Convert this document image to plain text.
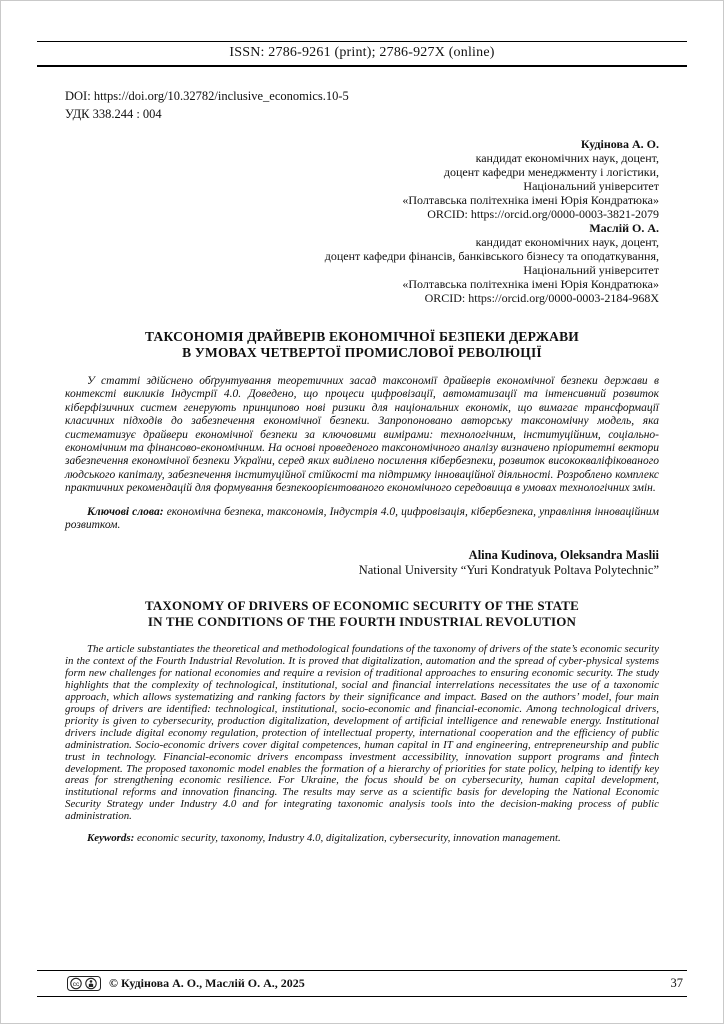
ISSN: 2786-9261 (print); 2786-927X (online)
DOI: https://doi.org/10.32782/inclusive_economics.10-5
УДК 338.244 : 004
Кудінова А. О.
кандидат економічних наук, доцент,
доцент кафедри менеджменту і логістики,
Національний університет
«Полтавська політехніка імені Юрія Кондратюка»
ORCID: https://orcid.org/0000-0003-3821-2079
Маслій О. А.
кандидат економічних наук, доцент,
доцент кафедри фінансів, банківського бізнесу та оподаткування,
Національний університет
«Полтавська політехніка імені Юрія Кондратюка»
ORCID: https://orcid.org/0000-0003-2184-968X
ТАКСОНОМІЯ ДРАЙВЕРІВ ЕКОНОМІЧНОЇ БЕЗПЕКИ ДЕРЖАВИ
В УМОВАХ ЧЕТВЕРТОЇ ПРОМИСЛОВОЇ РЕВОЛЮЦІЇ

У статті здійснено обґрунтування теоретичних засад таксономії драйверів економічної безпеки держави в контексті викликів Індустрії 4.0. Доведено, що процеси цифровізації, автоматизації та інтенсивний розвиток кіберфізичних систем генерують принципово нові ризики для національних економік, що вимагає трансформації класичних підходів до забезпечення економічної безпеки. Запропоновано авторську таксономічну модель, яка систематизує драйвери економічної безпеки за ключовими вимірами: технологічним, інституційним, соціально-економічним та фінансово-економічним. На основі проведеного таксономічного аналізу визначено пріоритетні вектори забезпечення економічної безпеки України, серед яких виділено посилення кібербезпеки, розвиток висококваліфікованого людського капіталу, забезпечення інституційної стійкості та підтримку інноваційної діяльності. Розроблено комплекс практичних рекомендацій для формування безпекоорієнтованого економічного середовища в умовах технологічних змін.

Ключові слова: економічна безпека, таксономія, Індустрія 4.0, цифровізація, кібербезпека, управління інноваційним розвитком.

Alina Kudinova, Oleksandra Maslii
National University “Yuri Kondratyuk Poltava Polytechnic”
TAXONOMY OF DRIVERS OF ECONOMIC SECURITY OF THE STATE
IN THE CONDITIONS OF THE FOURTH INDUSTRIAL REVOLUTION

The article substantiates the theoretical and methodological foundations of the taxonomy of drivers of the state’s economic security in the context of the Fourth Industrial Revolution. It is proved that digitalization, automation and the spread of cyber-physical systems form new challenges for national economies and require a revision of traditional approaches to ensuring economic security. The study highlights that the complexity of technological, institutional, social and financial interrelations necessitates the use of a taxonomic approach, which allows systematizing and ranking factors by their significance and impact. Based on the authors’ model, four main groups of drivers are identified: technological, institutional, socio-economic and financial-economic. Among technological drivers, priority is given to cybersecurity, production digitalization, development of artificial intelligence and renewable energy. Institutional drivers include digital economy regulation, protection of intellectual property, international cooperation and the efficiency of public administration. Socio-economic drivers cover digital competences, human capital in IT and engineering, entrepreneurship and public trust in technology. Financial-economic drivers encompass investment accessibility, innovation support programs and fintech development. The proposed taxonomic model enables the formation of a hierarchy of priorities for state policy, helping to identify key areas for strengthening economic resilience. For Ukraine, the focus should be on cybersecurity, human capital development, institutional reforms and innovation financing. The results may serve as a scientific basis for developing the National Economic Security Strategy under Industry 4.0 and for integrating taxonomic analysis tools into the decision-making process of public administration.

Keywords: economic security, taxonomy, Industry 4.0, digitalization, cybersecurity, innovation management.

cc © Кудінова А. О., Маслій О. А., 2025	37
